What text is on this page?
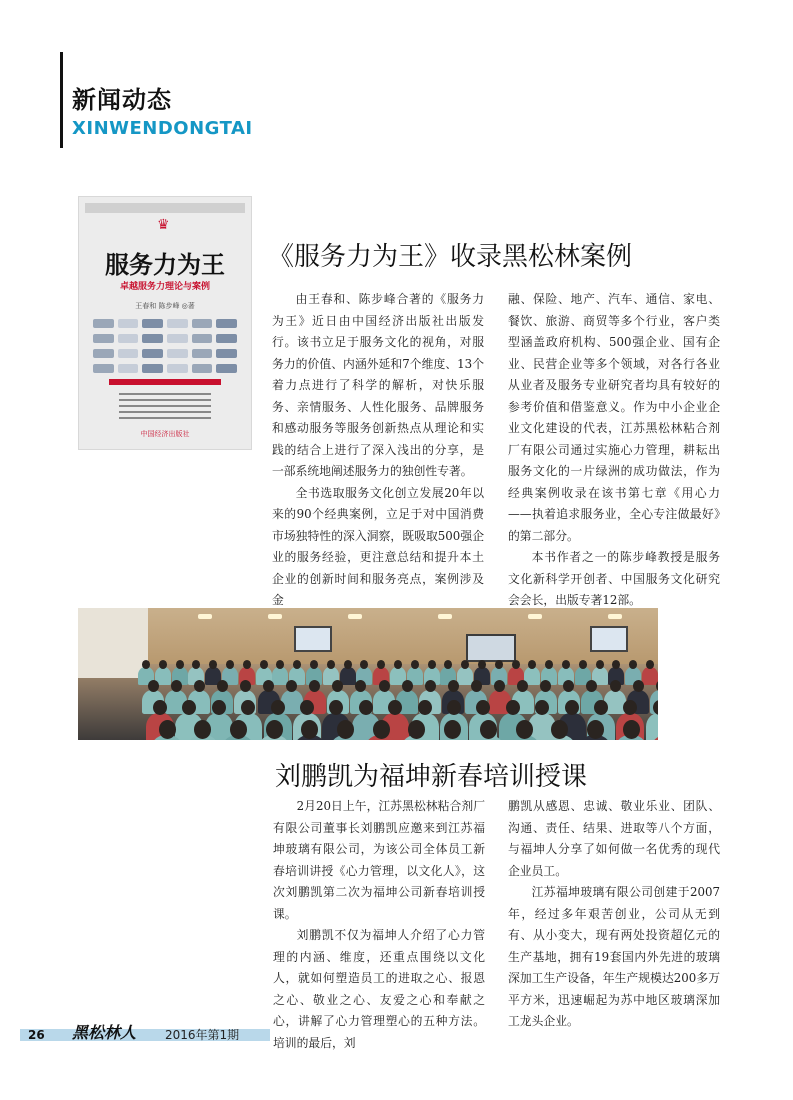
新闻动态
XINWENDONGTAI
♛
服务力为王
卓越服务力理论与案例
王春和 陈步峰 ◎著
中国经济出版社
《服务力为王》收录黑松林案例

由王春和、陈步峰合著的《服务力为王》近日由中国经济出版社出版发行。该书立足于服务文化的视角，对服务力的价值、内涵外延和7个维度、13个着力点进行了科学的解析，对快乐服务、亲情服务、人性化服务、品牌服务和感动服务等服务创新热点从理论和实践的结合上进行了深入浅出的分享，是一部系统地阐述服务力的独创性专著。

全书选取服务文化创立发展20年以来的90个经典案例，立足于对中国消费市场独特性的深入洞察，既吸取500强企业的服务经验，更注意总结和提升本土企业的创新时间和服务亮点，案例涉及金

融、保险、地产、汽车、通信、家电、餐饮、旅游、商贸等多个行业，客户类型涵盖政府机构、500强企业、国有企业、民营企业等多个领域，对各行各业从业者及服务专业研究者均具有较好的参考价值和借鉴意义。作为中小企业企业文化建设的代表，江苏黑松林粘合剂厂有限公司通过实施心力管理，耕耘出服务文化的一片绿洲的成功做法，作为经典案例收录在该书第七章《用心力——执着追求服务业，全心专注做最好》的第二部分。

本书作者之一的陈步峰教授是服务文化新科学开创者、中国服务文化研究会会长，出版专著12部。

刘鹏凯为福坤新春培训授课

2月20日上午，江苏黑松林粘合剂厂有限公司董事长刘鹏凯应邀来到江苏福坤玻璃有限公司，为该公司全体员工新春培训讲授《心力管理，以文化人》，这次刘鹏凯第二次为福坤公司新春培训授课。

刘鹏凯不仅为福坤人介绍了心力管理的内涵、维度，还重点围绕以文化人，就如何塑造员工的进取之心、报恩之心、敬业之心、友爱之心和奉献之心，讲解了心力管理塑心的五种方法。培训的最后，刘

鹏凯从感恩、忠诚、敬业乐业、团队、沟通、责任、结果、进取等八个方面，与福坤人分享了如何做一名优秀的现代企业员工。

江苏福坤玻璃有限公司创建于2007年，经过多年艰苦创业，公司从无到有、从小变大，现有两处投资超亿元的生产基地，拥有19套国内外先进的玻璃深加工生产设备，年生产规模达200多万平方米，迅速崛起为苏中地区玻璃深加工龙头企业。

26 黑松林人 2016年第1期
